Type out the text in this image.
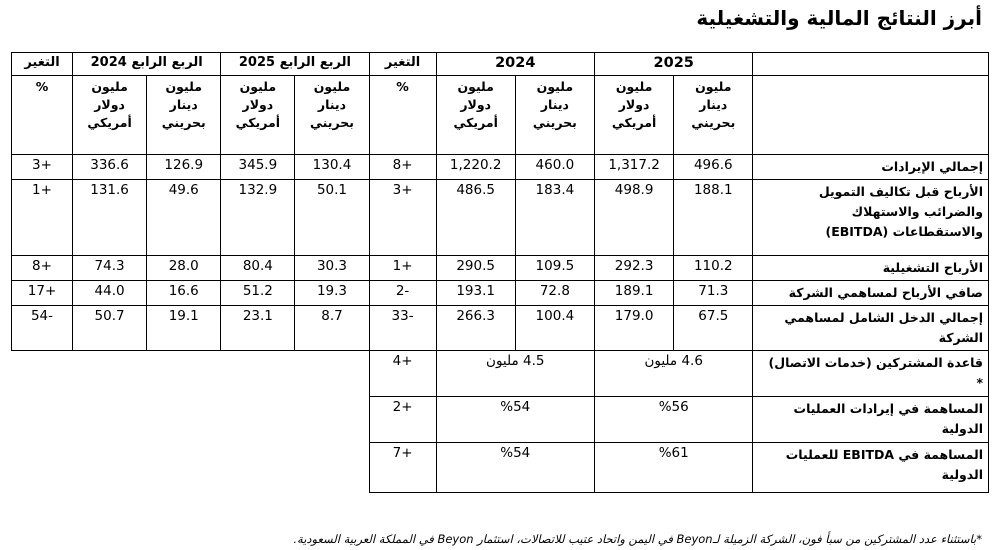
أبرز النتائج المالية والتشغيلية
	2025		2024		التغير	الربع الرابع 2025		الربع الرابع 2024		التغير
	مليون دينار بحريني	مليون دولار أمريكي	مليون دينار بحريني	مليون دولار أمريكي	%	مليون دينار بحريني	مليون دولار أمريكي	مليون دينار بحريني	مليون دولار أمريكي	%
إجمالي الإيرادات	496.6	1,317.2	460.0	1,220.2	+8	130.4	345.9	126.9	336.6	+3
الأرباح قبل تكاليف التمويل والضرائب والاستهلاك والاستقطاعات (EBITDA)	188.1	498.9	183.4	486.5	+3	50.1	132.9	49.6	131.6	+1
الأرباح التشغيلية	110.2	292.3	109.5	290.5	+1	30.3	80.4	28.0	74.3	+8
صافي الأرباح لمساهمي الشركة	71.3	189.1	72.8	193.1	-2	19.3	51.2	16.6	44.0	+17
إجمالي الدخل الشامل لمساهمي الشركة	67.5	179.0	100.4	266.3	-33	8.7	23.1	19.1	50.7	-54
قاعدة المشتركين (خدمات الاتصال) *	4.6 مليون		4.5 مليون		+4					
المساهمة في إيرادات العمليات الدولية	%56		%54		+2					
المساهمة في EBITDA للعمليات الدولية	%61		%54		+7					
*باستثناء عدد المشتركين من سبأ فون، الشركة الزميلة لـBeyon في اليمن واتحاد عتيب للاتصالات، استثمار Beyon في المملكة العربية السعودية.
